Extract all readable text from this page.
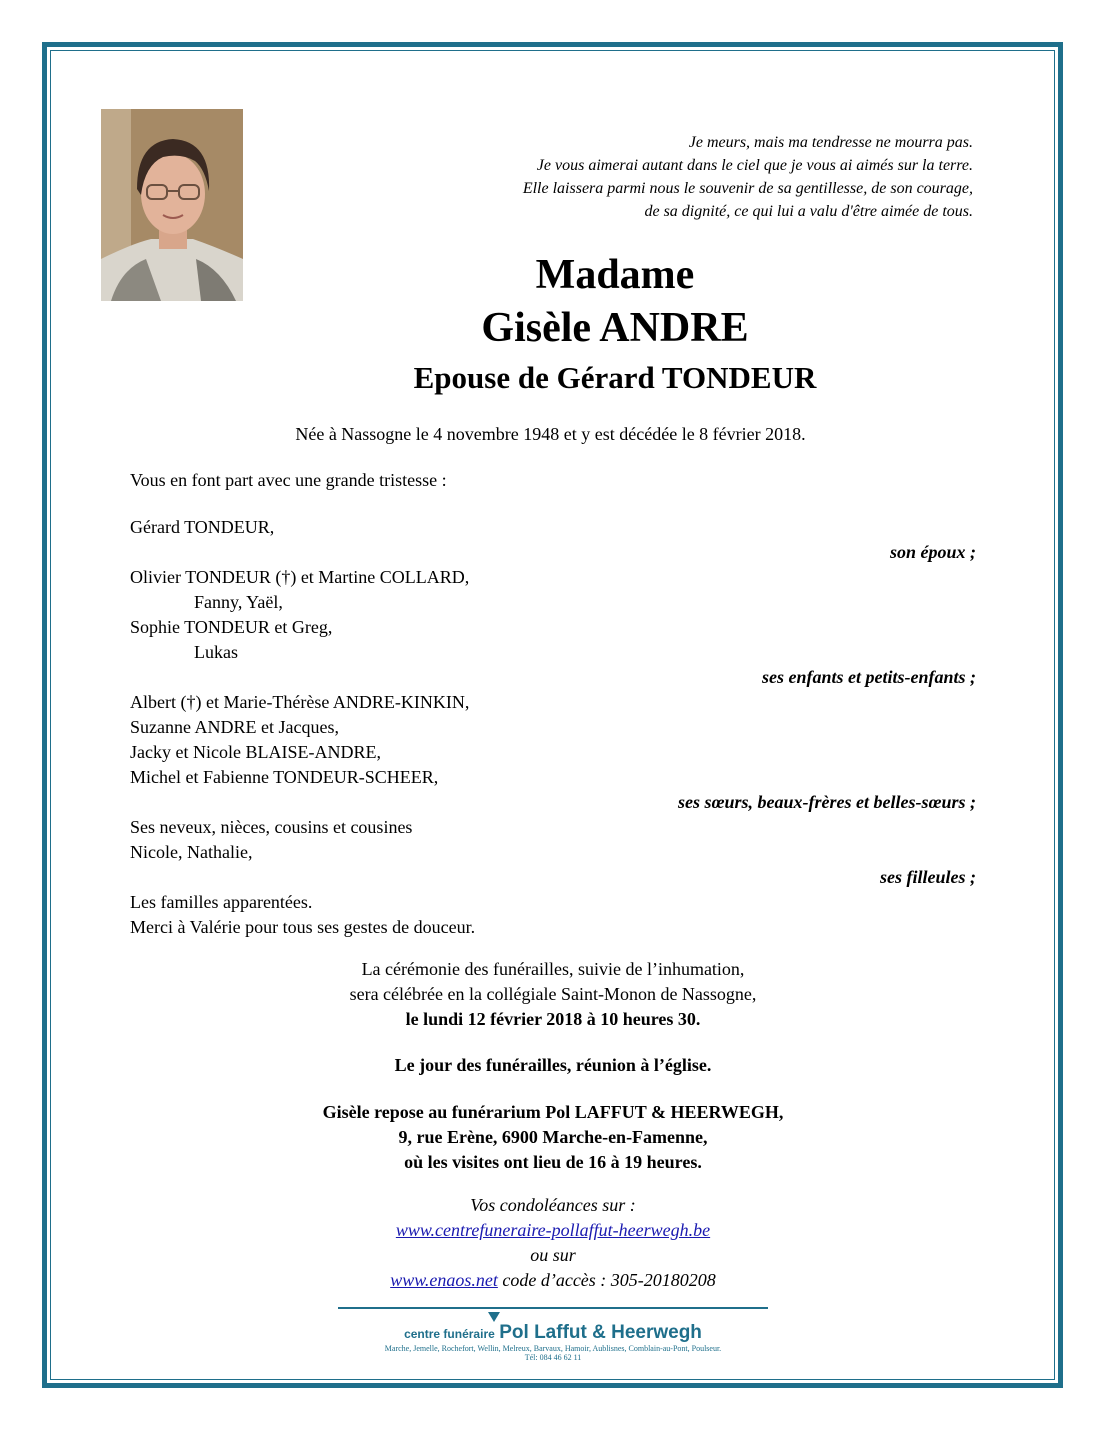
Je meurs, mais ma tendresse ne mourra pas.
Je vous aimerai autant dans le ciel que je vous ai aimés sur la terre.
Elle laissera parmi nous le souvenir de sa gentillesse, de son courage,
de sa dignité, ce qui lui a valu d'être aimée de tous.
Madame
Gisèle ANDRE
Epouse de Gérard TONDEUR
Née à Nassogne le 4 novembre 1948 et y est décédée le 8 février 2018.
Vous en font part avec une grande tristesse :
Gérard TONDEUR,
son époux ;
Olivier TONDEUR (†) et Martine COLLARD,
Fanny, Yaël,
Sophie TONDEUR et Greg,
Lukas
ses enfants et petits-enfants ;
Albert (†) et Marie-Thérèse ANDRE-KINKIN,
Suzanne ANDRE et Jacques,
Jacky et Nicole BLAISE-ANDRE,
Michel et Fabienne TONDEUR-SCHEER,
ses sœurs, beaux-frères et belles-sœurs ;
Ses neveux, nièces, cousins et cousines
Nicole, Nathalie,
ses filleules ;
Les familles apparentées.
Merci à Valérie pour tous ses gestes de douceur.
La cérémonie des funérailles, suivie de l’inhumation,
sera célébrée en la collégiale Saint-Monon de Nassogne,
le lundi 12 février 2018 à 10 heures 30.
Le jour des funérailles, réunion à l’église.
Gisèle repose au funérarium Pol LAFFUT & HEERWEGH,
9, rue Erène, 6900 Marche-en-Famenne,
où les visites ont lieu de 16 à 19 heures.
Vos condoléances sur :
www.centrefuneraire-pollaffut-heerwegh.be
ou sur
www.enaos.net code d’accès : 305-20180208
centre funéraire Pol Laffut & Heerwegh
Marche, Jemelle, Rochefort, Wellin, Melreux, Barvaux, Hamoir, Aublisnes, Comblain-au-Pont, Poulseur.
Tél: 084 46 62 11
